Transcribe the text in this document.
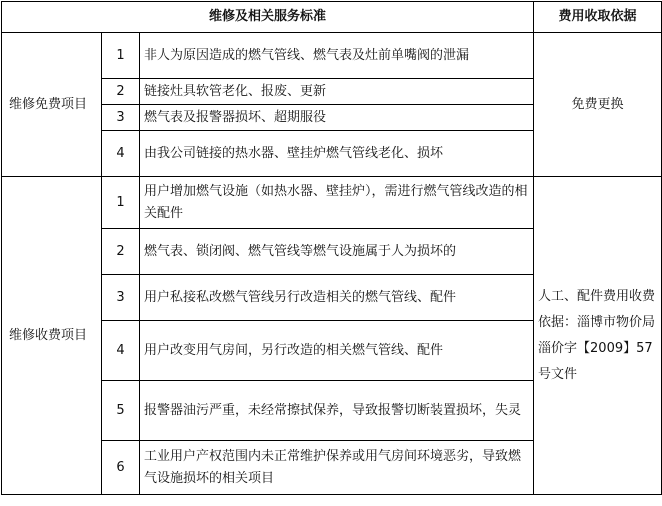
维修及相关服务标准			费用收取依据
维修免费项目	1	非人为原因造成的燃气管线、燃气表及灶前单嘴阀的泄漏	免费更换
	2	链接灶具软管老化、报废、更新	
	3	燃气表及报警器损坏、超期服役	
	4	由我公司链接的热水器、壁挂炉燃气管线老化、损坏	
维修收费项目	1	用户增加燃气设施（如热水器、壁挂炉），需进行燃气管线改造的相关配件	人工、配件费用收费依据：淄博市物价局淄价字【2009】57号文件
	2	燃气表、锁闭阀、燃气管线等燃气设施属于人为损坏的	
	3	用户私接私改燃气管线另行改造相关的燃气管线、配件	
	4	用户改变用气房间，另行改造的相关燃气管线、配件	
	5	报警器油污严重，未经常擦拭保养，导致报警切断装置损坏，失灵	
	6	工业用户产权范围内未正常维护保养或用气房间环境恶劣，导致燃气设施损坏的相关项目	
